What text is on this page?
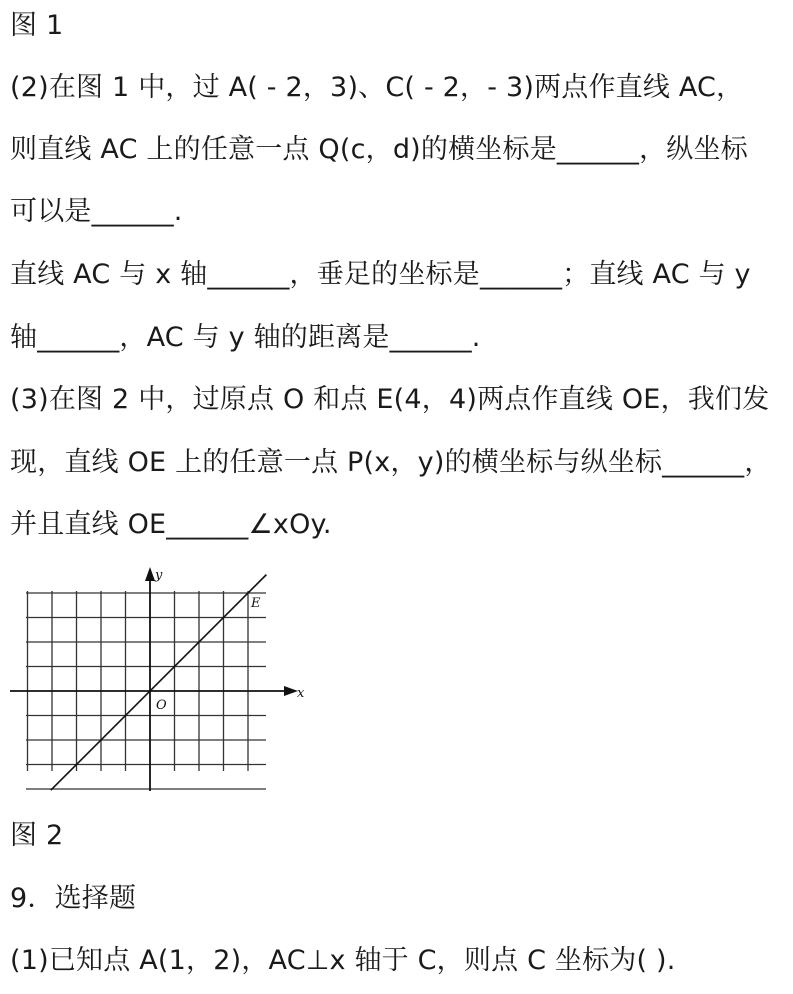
图 1
(2)在图 1 中，过 A( - 2，3)、C( - 2，- 3)两点作直线 AC，
则直线 AC 上的任意一点 Q(c，d)的横坐标是______，纵坐标
可以是______.
直线 AC 与 x 轴______，垂足的坐标是______；直线 AC 与 y
轴______，AC 与 y 轴的距离是______.
(3)在图 2 中，过原点 O 和点 E(4，4)两点作直线 OE，我们发
现，直线 OE 上的任意一点 P(x，y)的横坐标与纵坐标______，
并且直线 OE______∠xOy.
x
y
O
E
图 2
9．选择题
(1)已知点 A(1，2)，AC⊥x 轴于 C，则点 C 坐标为( ).
